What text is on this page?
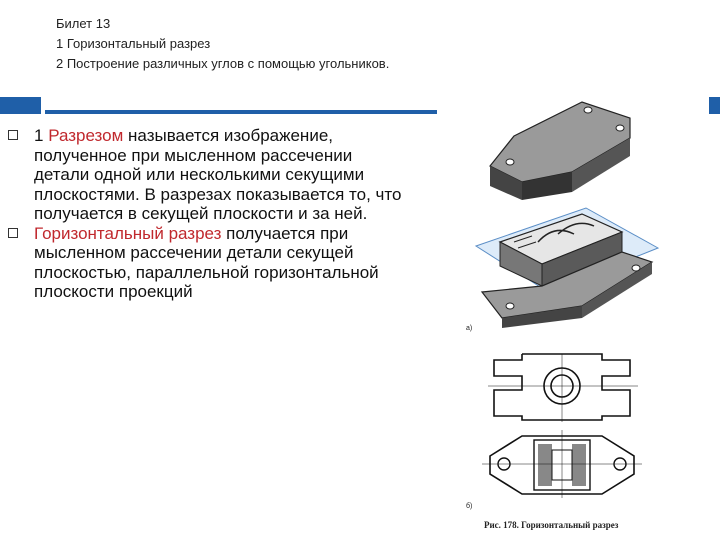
Билет 13
1 Горизонтальный разрез
2 Построение различных углов с помощью угольников.
1 Разрезом называется изображение, полученное при мысленном рассечении детали одной или несколькими секущими плоскостями. В разрезах показывается то, что получается в секущей плоскости и за ней.
Горизонтальный разрез получается при мысленном рассечении детали секущей плоскостью, параллельной горизонтальной плоскости проекций
а)
б)
Рис. 178. Горизонтальный разрез
